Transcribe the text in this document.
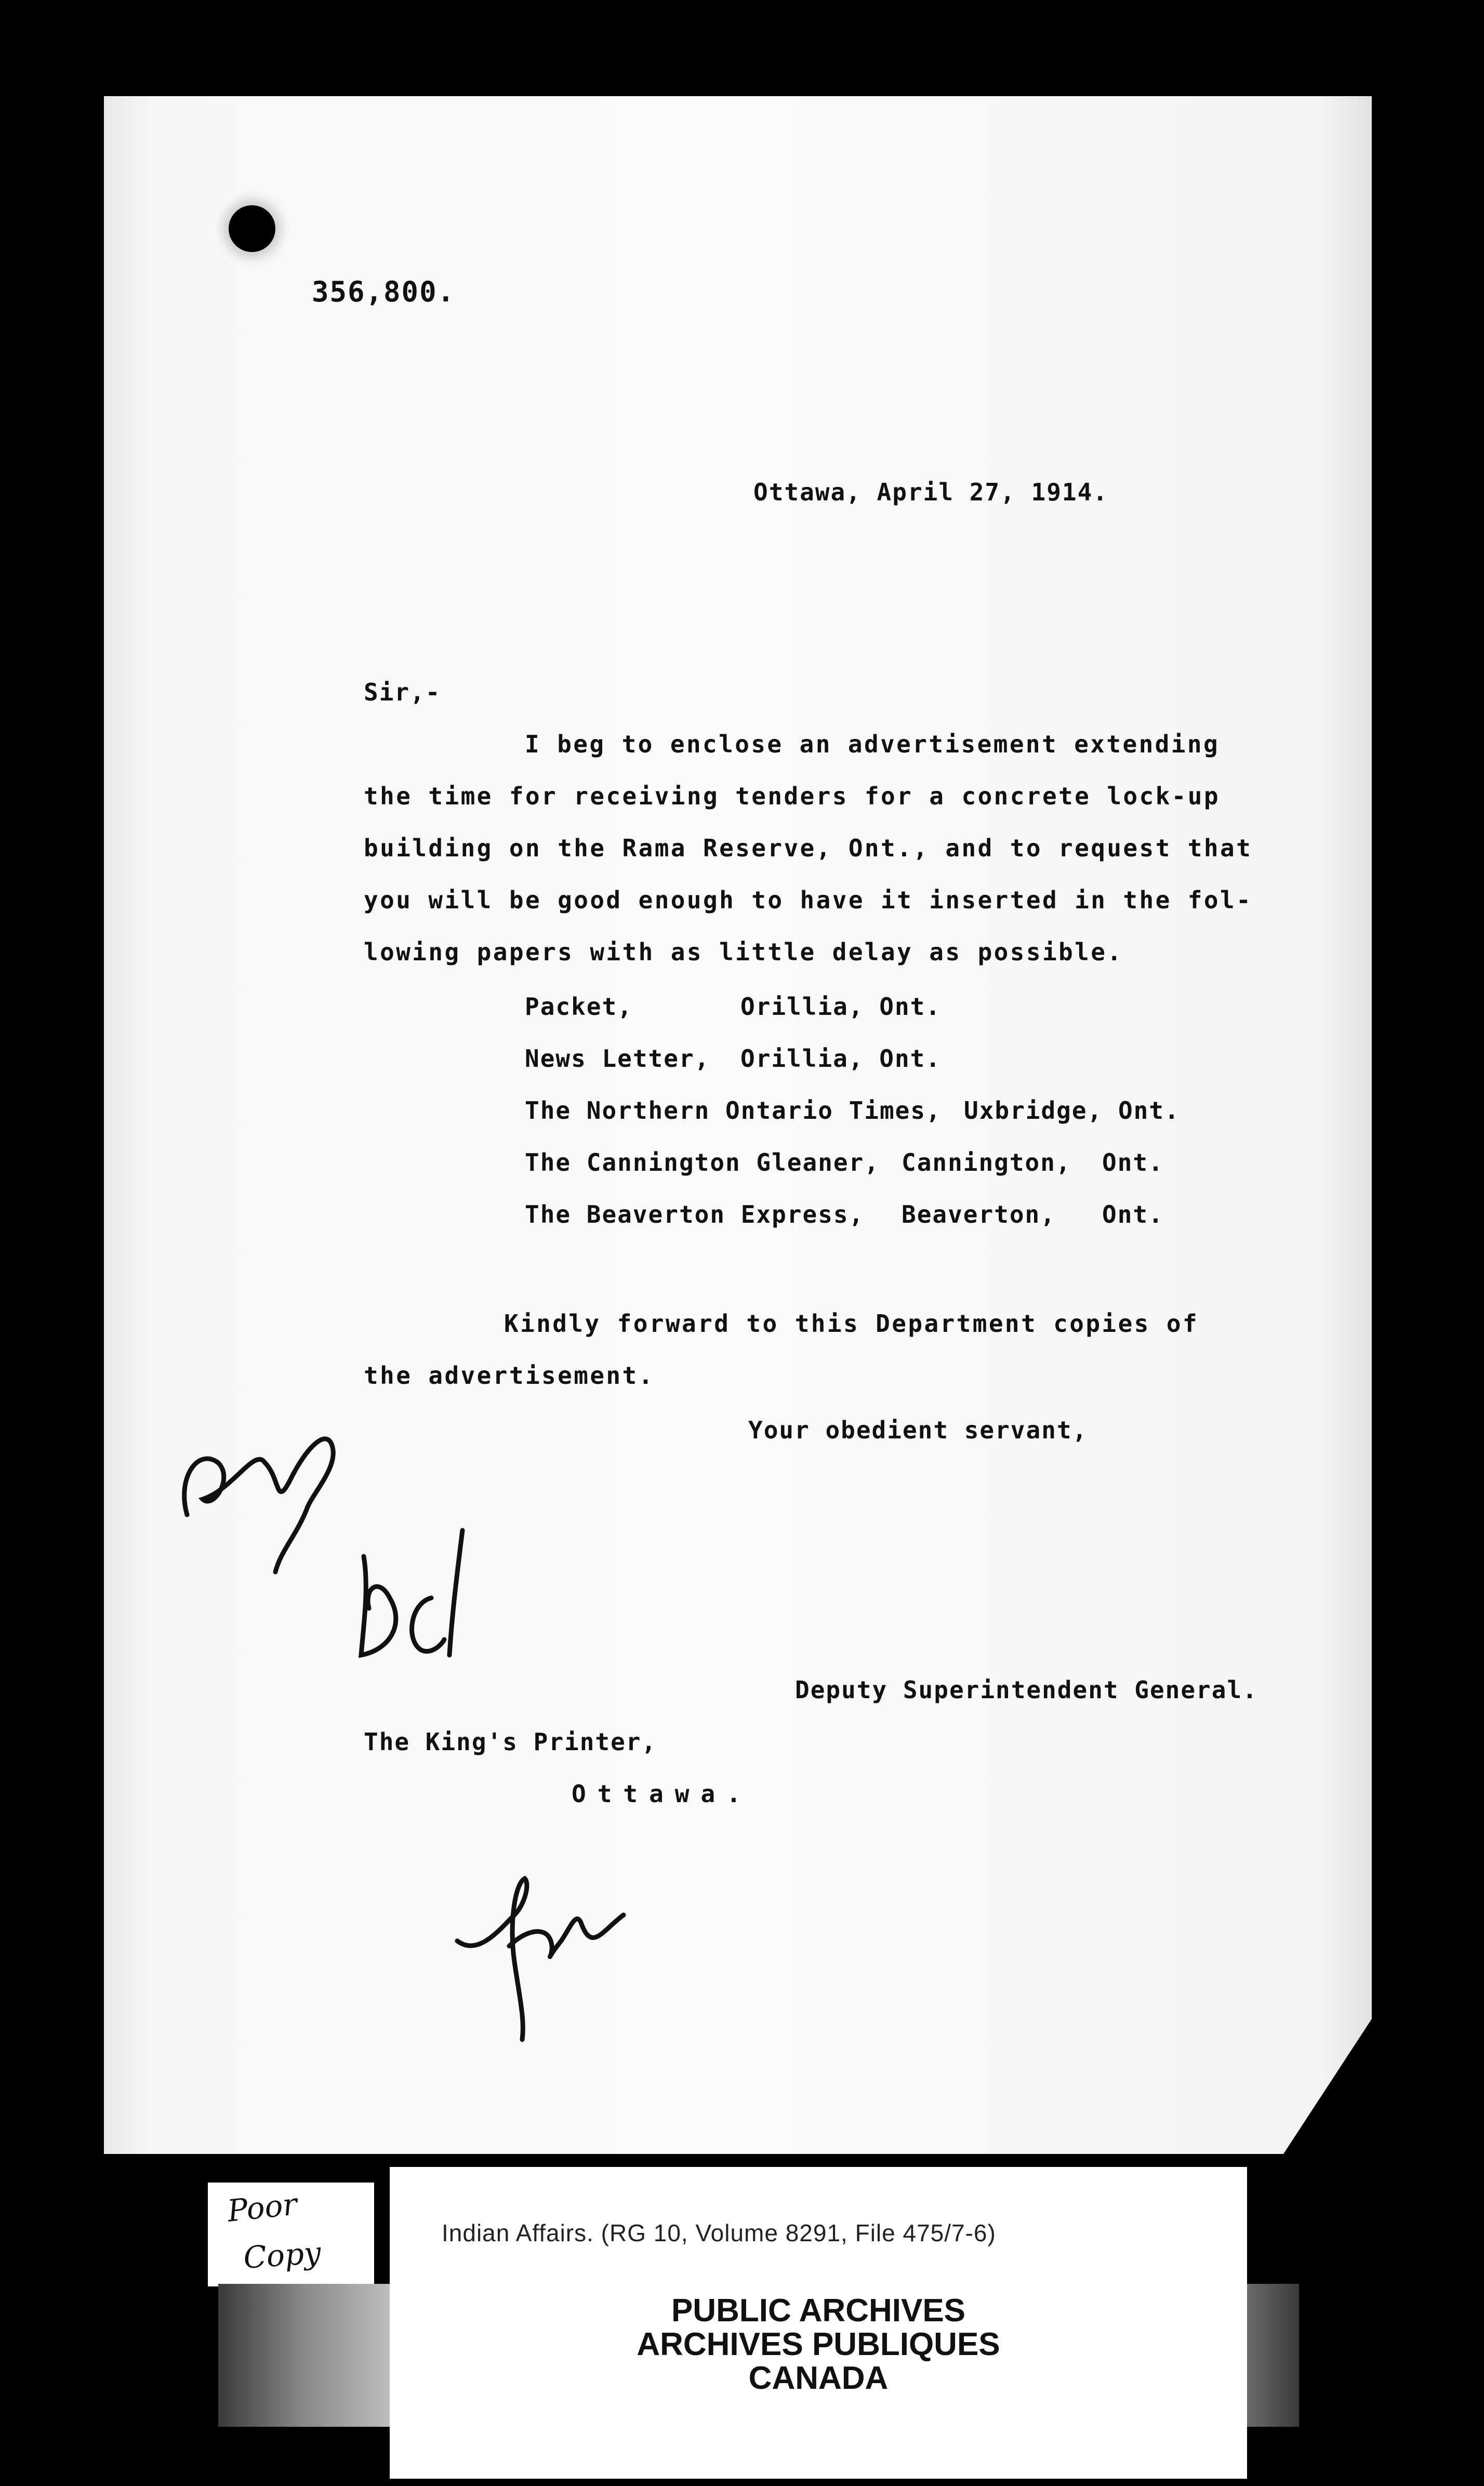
356,800.
Ottawa, April 27, 1914.
Sir,-
I beg to enclose an advertisement extending
the time for receiving tenders for a concrete lock-up
building on the Rama Reserve, Ont., and to request that
you will be good enough to have it inserted in the fol-
lowing papers with as little delay as possible.
Packet,	Orillia, Ont.
News Letter, Orillia, Ont.
The Northern Ontario Times, Uxbridge, Ont.
The Cannington Gleaner, Cannington,  Ont.
The Beaverton Express, Beaverton,   Ont.
Kindly forward to this Department copies of
the advertisement.
Your obedient servant,
Deputy Superintendent General.
The King's Printer,
Ottawa.
Poor
Copy
Indian Affairs. (RG 10, Volume 8291, File 475/7-6)
PUBLIC ARCHIVES
ARCHIVES PUBLIQUES
CANADA
